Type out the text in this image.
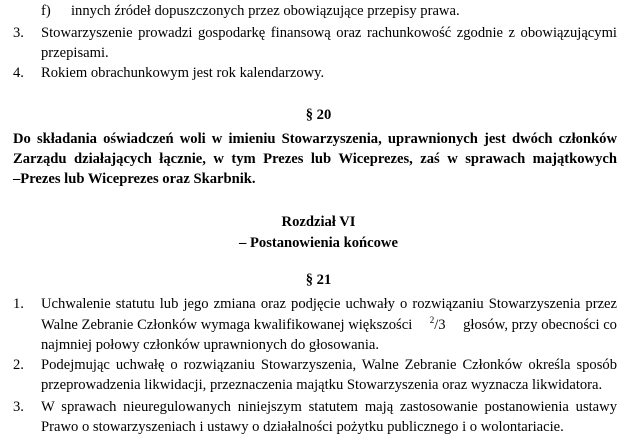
f) innych źródeł dopuszczonych przez obowiązujące przepisy prawa.
3. Stowarzyszenie prowadzi gospodarkę finansową oraz rachunkowość zgodnie z obowiązującymi
przepisami.
4. Rokiem obrachunkowym jest rok kalendarzowy.
§ 20
Do składania oświadczeń woli w imieniu Stowarzyszenia, uprawnionych jest dwóch członków
Zarządu działających łącznie, w tym Prezes lub Wiceprezes, zaś w sprawach majątkowych
–Prezes lub Wiceprezes oraz Skarbnik.
Rozdział VI
– Postanowienia końcowe
§ 21
1. Uchwalenie statutu lub jego zmiana oraz podjęcie uchwały o rozwiązaniu Stowarzyszenia przez
Walne Zebranie Członków wymaga kwalifikowanej większości $^2$/3 głosów, przy obecności co
najmniej połowy członków uprawnionych do głosowania.
2. Podejmując uchwałę o rozwiązaniu Stowarzyszenia, Walne Zebranie Członków określa sposób
przeprowadzenia likwidacji, przeznaczenia majątku Stowarzyszenia oraz wyznacza likwidatora.
3. W sprawach nieuregulowanych niniejszym statutem mają zastosowanie postanowienia ustawy
Prawo o stowarzyszeniach i ustawy o działalności pożytku publicznego i o wolontariacie.
